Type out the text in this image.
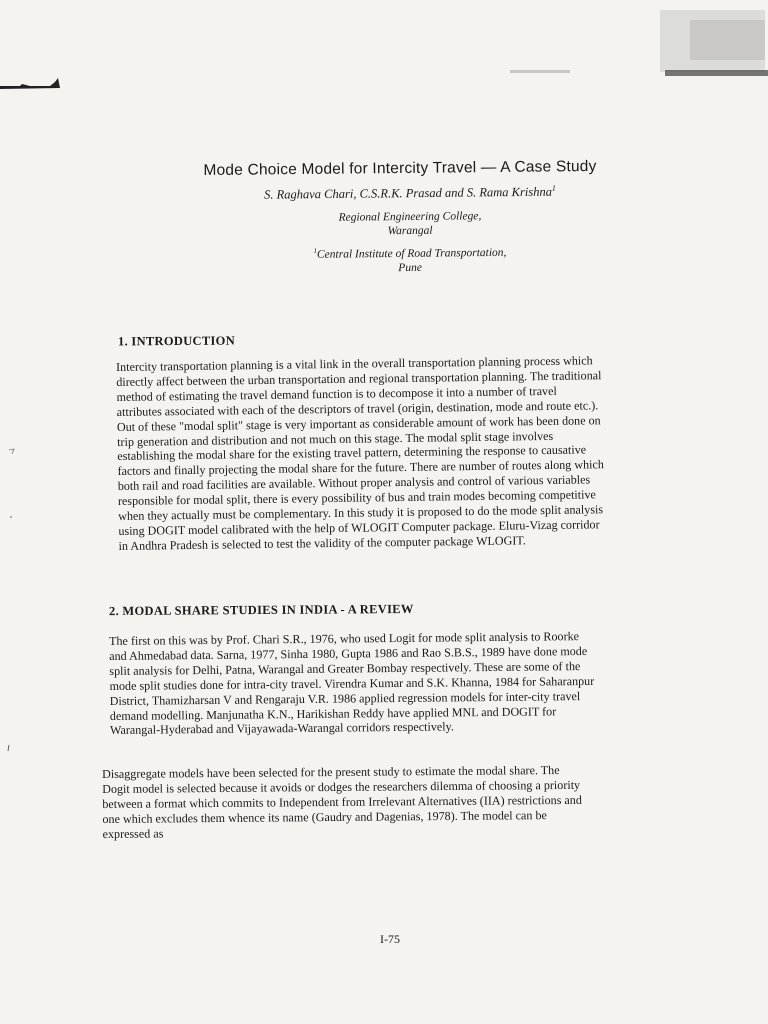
Mode Choice Model for Intercity Travel — A Case Study
S. Raghava Chari, C.S.R.K. Prasad and S. Rama Krishna$^1$
Regional Engineering College,
Warangal
$^1$Central Institute of Road Transportation,
Pune
1. INTRODUCTION
Intercity transportation planning is a vital link in the overall transportation planning process which
directly affect between the urban transportation and regional transportation planning. The traditional
method of estimating the travel demand function is to decompose it into a number of travel
attributes associated with each of the descriptors of travel (origin, destination, mode and route etc.).
Out of these "modal split" stage is very important as considerable amount of work has been done on
trip generation and distribution and not much on this stage. The modal split stage involves
establishing the modal share for the existing travel pattern, determining the response to causative
factors and finally projecting the modal share for the future. There are number of routes along which
both rail and road facilities are available. Without proper analysis and control of various variables
responsible for modal split, there is every possibility of bus and train modes becoming competitive
when they actually must be complementary. In this study it is proposed to do the mode split analysis
using DOGIT model calibrated with the help of WLOGIT Computer package. Eluru-Vizag corridor
in Andhra Pradesh is selected to test the validity of the computer package WLOGIT.
2. MODAL SHARE STUDIES IN INDIA - A REVIEW
The first on this was by Prof. Chari S.R., 1976, who used Logit for mode split analysis to Roorke
and Ahmedabad data. Sarna, 1977, Sinha 1980, Gupta 1986 and Rao S.B.S., 1989 have done mode
split analysis for Delhi, Patna, Warangal and Greater Bombay respectively. These are some of the
mode split studies done for intra-city travel. Virendra Kumar and S.K. Khanna, 1984 for Saharanpur
District, Thamizharsan V and Rengaraju V.R. 1986 applied regression models for inter-city travel
demand modelling. Manjunatha K.N., Harikishan Reddy have applied MNL and DOGIT for
Warangal-Hyderabad and Vijayawada-Warangal corridors respectively.
Disaggregate models have been selected for the present study to estimate the modal share. The
Dogit model is selected because it avoids or dodges the researchers dilemma of choosing a priority
between a format which commits to Independent from Irrelevant Alternatives (IIA) restrictions and
one which excludes them whence its name (Gaudry and Dagenias, 1978). The model can be
expressed as
I-75
